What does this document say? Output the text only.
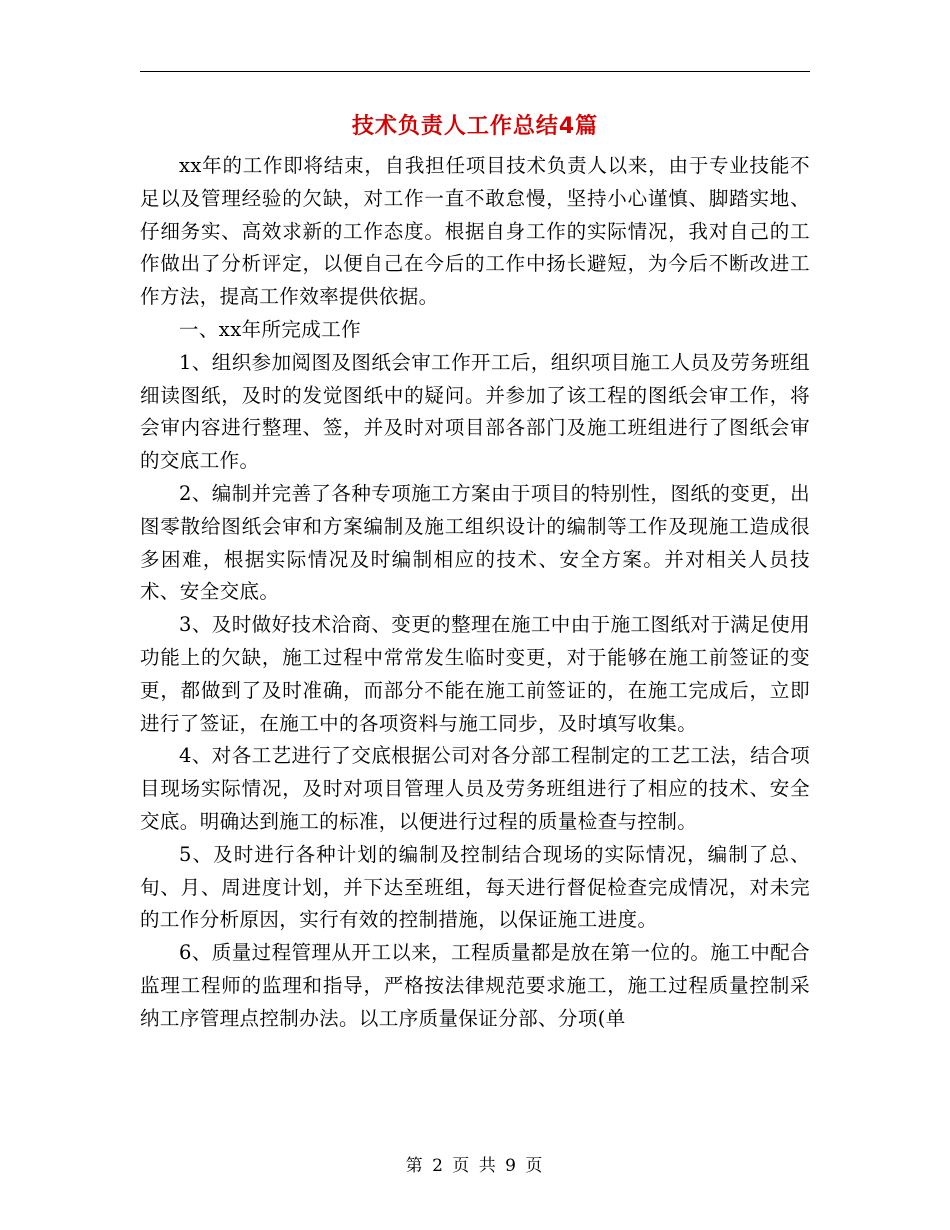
技术负责人工作总结4篇

xx年的工作即将结束，自我担任项目技术负责人以来，由于专业技能不足以及管理经验的欠缺，对工作一直不敢怠慢，坚持小心谨慎、脚踏实地、仔细务实、高效求新的工作态度。根据自身工作的实际情况，我对自己的工作做出了分析评定，以便自己在今后的工作中扬长避短，为今后不断改进工作方法，提高工作效率提供依据。

一、xx年所完成工作

1、组织参加阅图及图纸会审工作开工后，组织项目施工人员及劳务班组细读图纸，及时的发觉图纸中的疑问。并参加了该工程的图纸会审工作，将会审内容进行整理、签，并及时对项目部各部门及施工班组进行了图纸会审的交底工作。

2、编制并完善了各种专项施工方案由于项目的特别性，图纸的变更，出图零散给图纸会审和方案编制及施工组织设计的编制等工作及现施工造成很多困难，根据实际情况及时编制相应的技术、安全方案。并对相关人员技术、安全交底。

3、及时做好技术洽商、变更的整理在施工中由于施工图纸对于满足使用功能上的欠缺，施工过程中常常发生临时变更，对于能够在施工前签证的变更，都做到了及时准确，而部分不能在施工前签证的，在施工完成后，立即进行了签证，在施工中的各项资料与施工同步，及时填写收集。

4、对各工艺进行了交底根据公司对各分部工程制定的工艺工法，结合项目现场实际情况，及时对项目管理人员及劳务班组进行了相应的技术、安全交底。明确达到施工的标准，以便进行过程的质量检查与控制。

5、及时进行各种计划的编制及控制结合现场的实际情况，编制了总、旬、月、周进度计划，并下达至班组，每天进行督促检查完成情况，对未完的工作分析原因，实行有效的控制措施，以保证施工进度。

6、质量过程管理从开工以来，工程质量都是放在第一位的。施工中配合监理工程师的监理和指导，严格按法律规范要求施工，施工过程质量控制采纳工序管理点控制办法。以工序质量保证分部、分项(单

第 2 页 共 9 页
